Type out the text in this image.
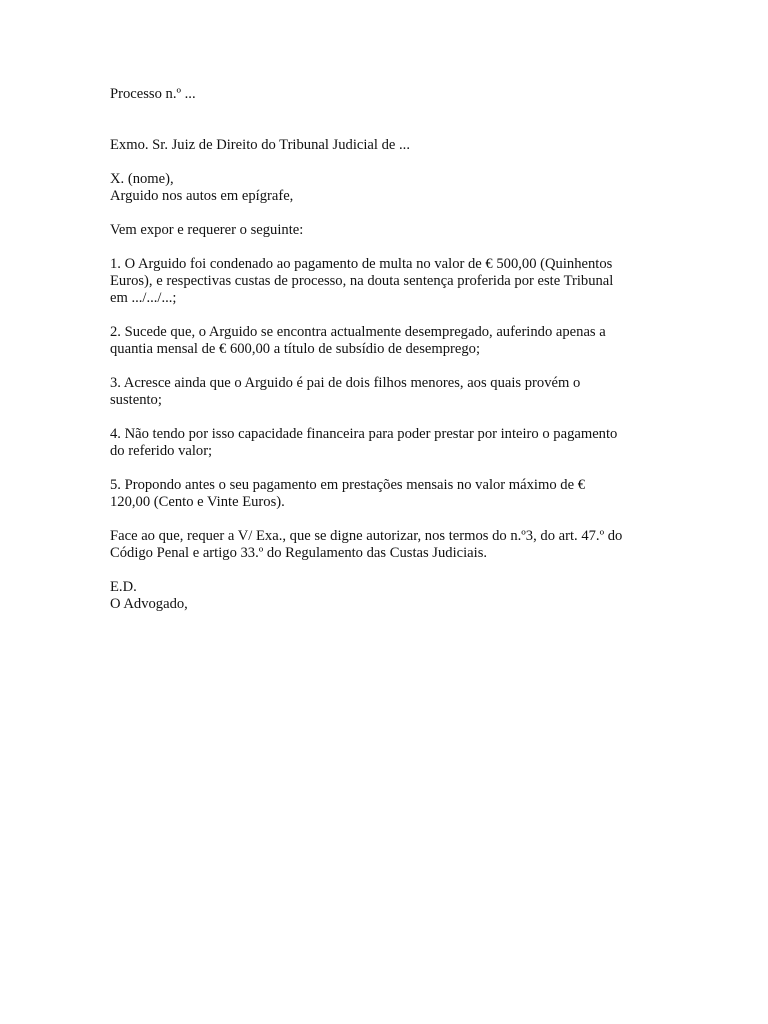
Processo n.º ...
Exmo. Sr. Juiz de Direito do Tribunal Judicial de ...
X. (nome),
Arguido nos autos em epígrafe,
Vem expor e requerer o seguinte:
1. O Arguido foi condenado ao pagamento de multa no valor de € 500,00 (Quinhentos
Euros), e respectivas custas de processo, na douta sentença proferida por este Tribunal
em .../.../...;
2. Sucede que, o Arguido se encontra actualmente desempregado, auferindo apenas a
quantia mensal de € 600,00 a título de subsídio de desemprego;
3. Acresce ainda que o Arguido é pai de dois filhos menores, aos quais provém o
sustento;
4. Não tendo por isso capacidade financeira para poder prestar por inteiro o pagamento
do referido valor;
5. Propondo antes o seu pagamento em prestações mensais no valor máximo de €
120,00 (Cento e Vinte Euros).
Face ao que, requer a V/ Exa., que se digne autorizar, nos termos do n.º3, do art. 47.º do
Código Penal e artigo 33.º do Regulamento das Custas Judiciais.
E.D.
O Advogado,
